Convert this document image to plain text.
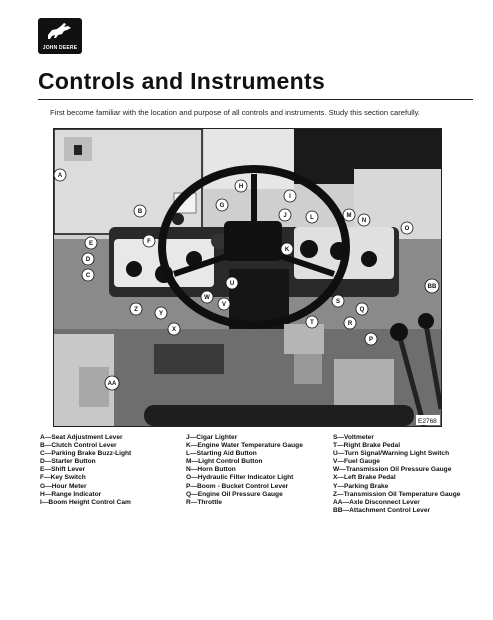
JOHN DEERE
Controls and Instruments
First become familiar with the location and purpose of all controls and instruments. Study this section carefully.
E2768
A
B
C
D
E	F
G
H
I
J
K
L	M
N
O
P
Q
R
S
T
U
V
W
X
Y
Z
AA
BB
A—Seat Adjustment Lever
B—Clutch Control Lever
C—Parking Brake Buzz-Light
D—Starter Button
E—Shift Lever
F—Key Switch
G—Hour Meter
H—Range Indicator
I—Boom Height Control Cam
J—Cigar Lighter
K—Engine Water Temperature Gauge
L—Starting Aid Button
M—Light Control Button
N—Horn Button
O—Hydraulic Filter Indicator Light
P—Boom - Bucket Control Lever
Q—Engine Oil Pressure Gauge
R—Throttle
S—Voltmeter
T—Right Brake Pedal
U—Turn Signal/Warning Light Switch
V—Fuel Gauge
W—Transmission Oil Pressure Gauge
X—Left Brake Pedal
Y—Parking Brake
Z—Transmission Oil Temperature Gauge
AA—Axle Disconnect Lever
BB—Attachment Control Lever
